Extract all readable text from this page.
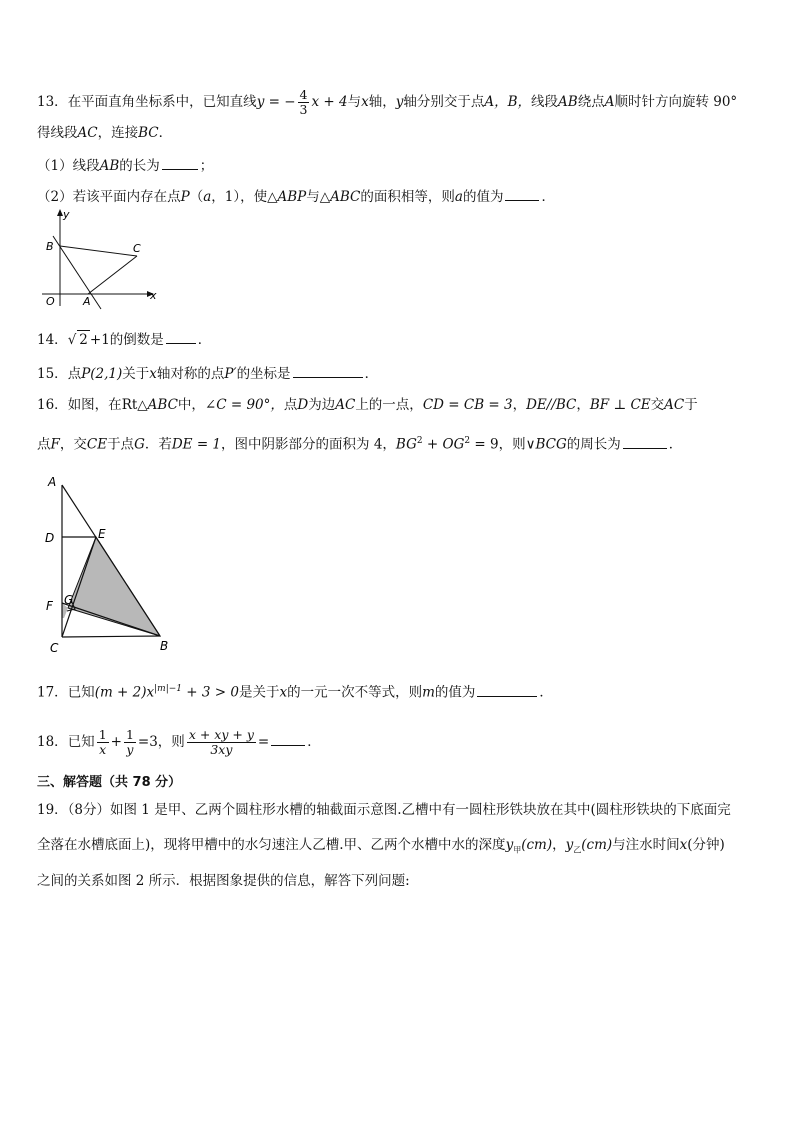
13．在平面直角坐标系中，已知直线y = − $\frac{4}{3}$ x + 4与x轴，y轴分别交于点A，B，线段AB绕点A顺时针方向旋转 90°
得线段AC，连接BC．
（1）线段AB的长为	；
（2）若该平面内存在点P（a，1），使△ABP与△ABC的面积相等，则a的值为	．
y
B	C
O	A	x
14．√ 2 +1的倒数是	．
15．点P(2,1)关于x轴对称的点P′的坐标是	．
16．如图，在Rt△ABC中，∠C = 90°，点D为边AC上的一点，CD = CB = 3，DE//BC，BF ⊥ CE交AC于
点F，交CE于点G．若DE = 1，图中阴影部分的面积为 4，$BG^2 + OG^2 = 9$，则∨BCG的周长为	．
A
D	E
F G
C	B
17．已知$(m + 2)x^{|m|-1} + 3 > 0$是关于x的一元一次不等式，则m的值为	．
18．已知 $\frac{1}{x} + \frac{1}{y} =3$，则 $\frac{x + xy + y}{3xy}$ =	．
三、解答题（共 78 分）
19．（8分）如图 1 是甲、乙两个圆柱形水槽的轴截面示意图.乙槽中有一圆柱形铁块放在其中(圆柱形铁块的下底面完
全落在水槽底面上)，现将甲槽中的水匀速注人乙槽.甲、乙两个水槽中水的深度$y_甲(cm)$，$y_乙(cm)$与注水时间x(分钟)
之间的关系如图 2 所示．根据图象提供的信息，解答下列问题:
